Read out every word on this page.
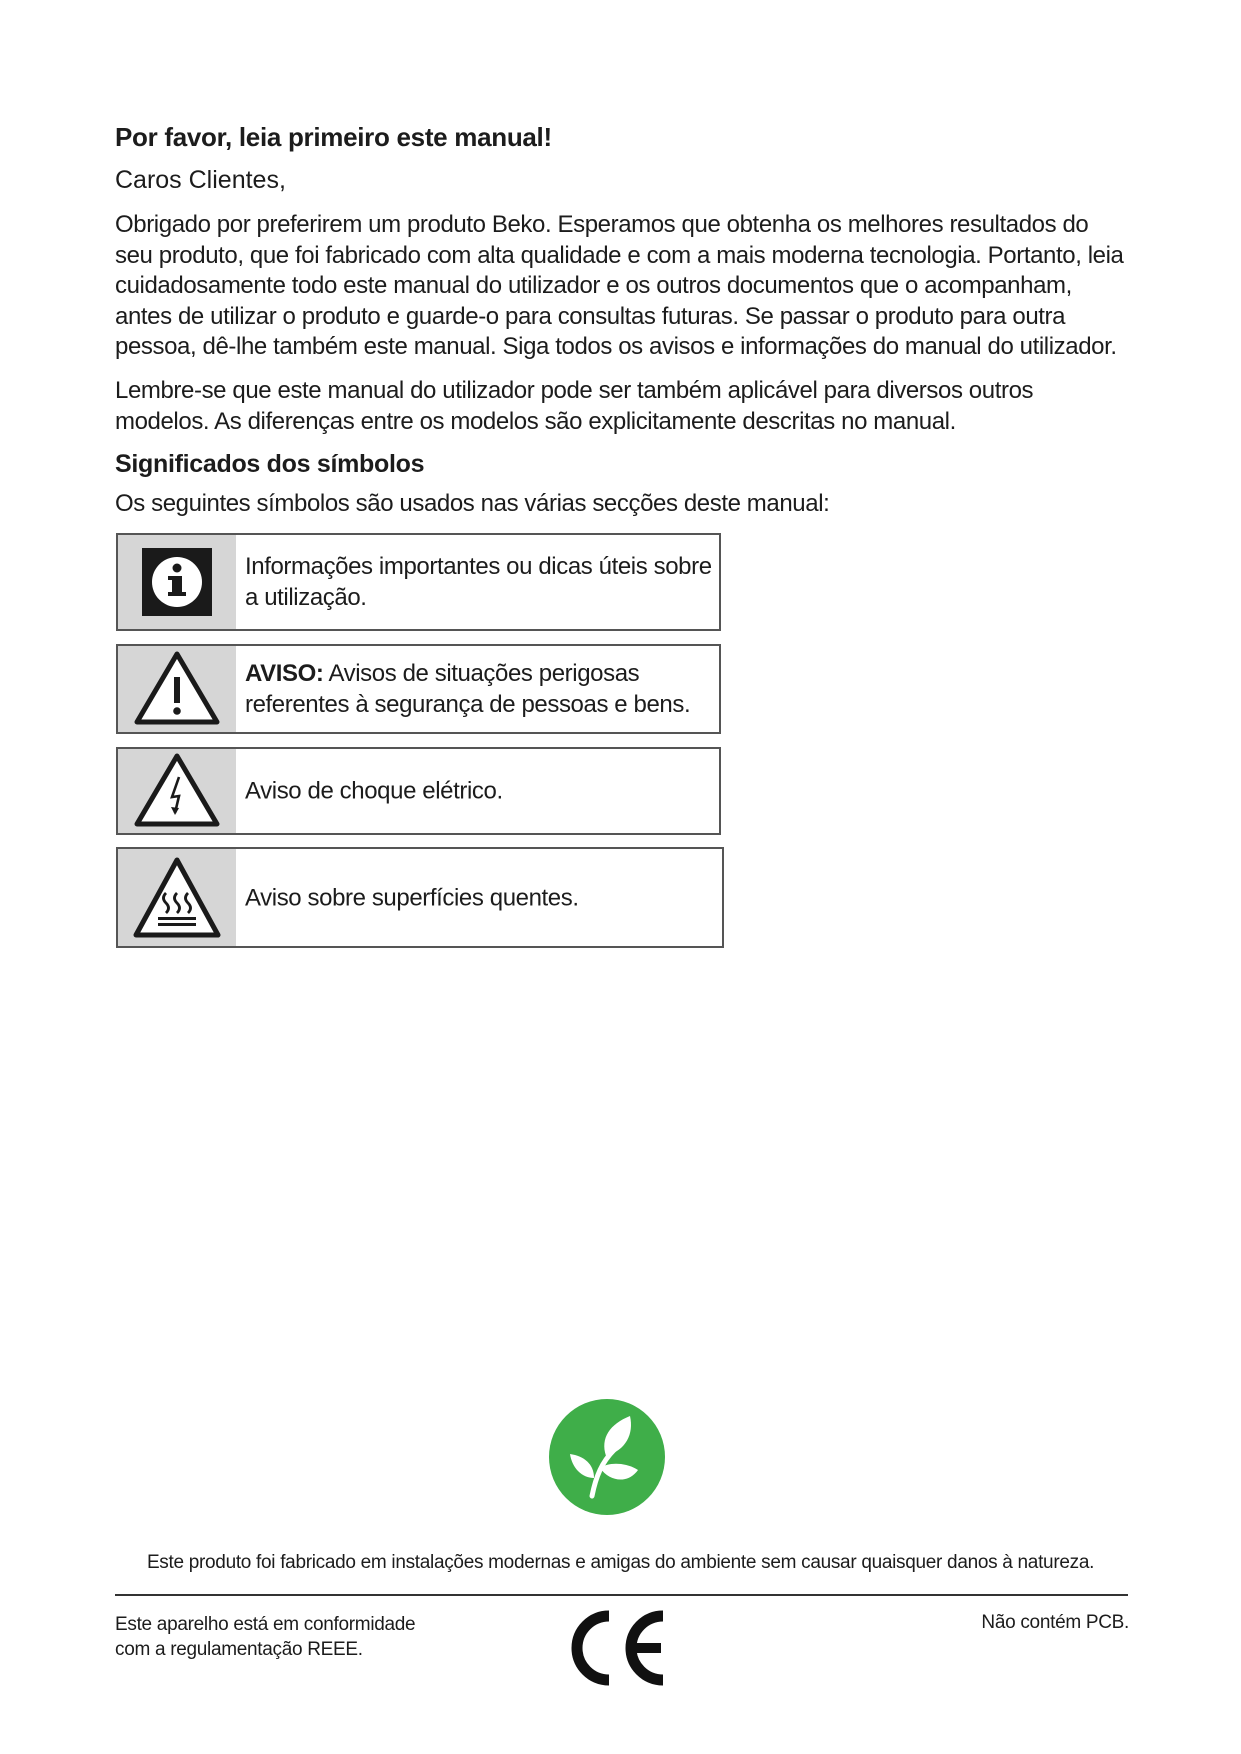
Por favor, leia primeiro este manual!
Caros Clientes,

Obrigado por preferirem um produto Beko. Esperamos que obtenha os melhores resultados do seu produto, que foi fabricado com alta qualidade e com a mais moderna tecnologia. Portanto, leia cuidadosamente todo este manual do utilizador e os outros documentos que o acompanham, antes de utilizar o produto e guarde-o para consultas futuras. Se passar o produto para outra pessoa, dê-lhe também este manual. Siga todos os avisos e informações do manual do utilizador.

Lembre-se que este manual do utilizador pode ser também aplicável para diversos outros modelos. As diferenças entre os modelos são explicitamente descritas no manual.

Significados dos símbolos
Os seguintes símbolos são usados nas várias secções deste manual:
Informações importantes ou dicas úteis sobre a utilização.
AVISO: Avisos de situações perigosas referentes à segurança de pessoas e bens.
Aviso de choque elétrico.
Aviso sobre superfícies quentes.
Este produto foi fabricado em instalações modernas e amigas do ambiente sem causar quaisquer danos à natureza.
Este aparelho está em conformidade
com a regulamentação REEE.
Não contém PCB.
